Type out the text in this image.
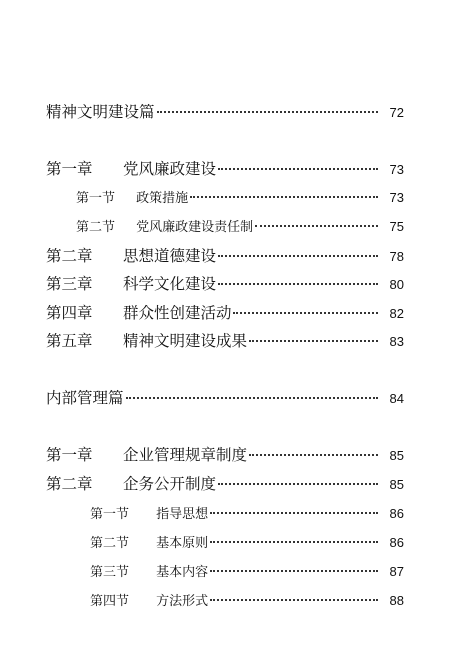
精神文明建设篇	72
第一章 党风廉政建设	73
第一节 政策措施	73
第二节 党风廉政建设责任制	75
第二章 思想道德建设	78
第三章 科学文化建设	80
第四章 群众性创建活动	82
第五章 精神文明建设成果	83
内部管理篇	84
第一章 企业管理规章制度	85
第二章 企务公开制度	85
第一节 指导思想	86
第二节 基本原则	86
第三节 基本内容	87
第四节 方法形式	88
